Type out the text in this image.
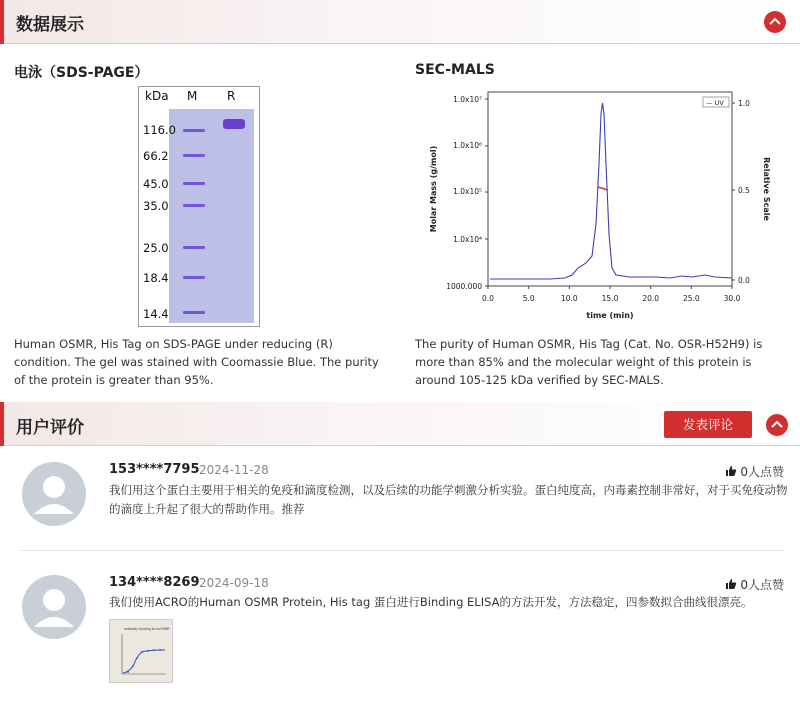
数据展示
电泳（SDS-PAGE）
kDa M R
116.0
66.2
45.0
35.0
25.0
18.4
14.4
Human OSMR, His Tag on SDS-PAGE under reducing (R) condition. The gel was stained with Coomassie Blue. The purity of the protein is greater than 95%.
SEC-MALS
1.0x10⁷
1.0x10⁶
1.0x10⁵
1.0x10⁴
1000.000
1.0
0.5
0.0
0.0	5.0	10.0	15.0	20.0	25.0	30.0
Molar Mass (g/mol)	Relative Scale
time (min)
— UV
The purity of Human OSMR, His Tag (Cat. No. OSR-H52H9) is more than 85% and the molecular weight of this protein is around 105-125 kDa verified by SEC-MALS.
用户评价	发表评论
153****7795 2024-11-28	0人点赞
我们用这个蛋白主要用于相关的免疫和滴度检测，以及后续的功能学刺激分析实验。蛋白纯度高，内毒素控制非常好，对于买免疫动物的滴度上升起了很大的帮助作用。推荐
134****8269 2024-09-18	0人点赞
我们使用ACRO的Human OSMR Protein, His tag 蛋白进行Binding ELISA的方法开发，方法稳定，四参数拟合曲线很漂亮。
antibody binding to huOSMR
